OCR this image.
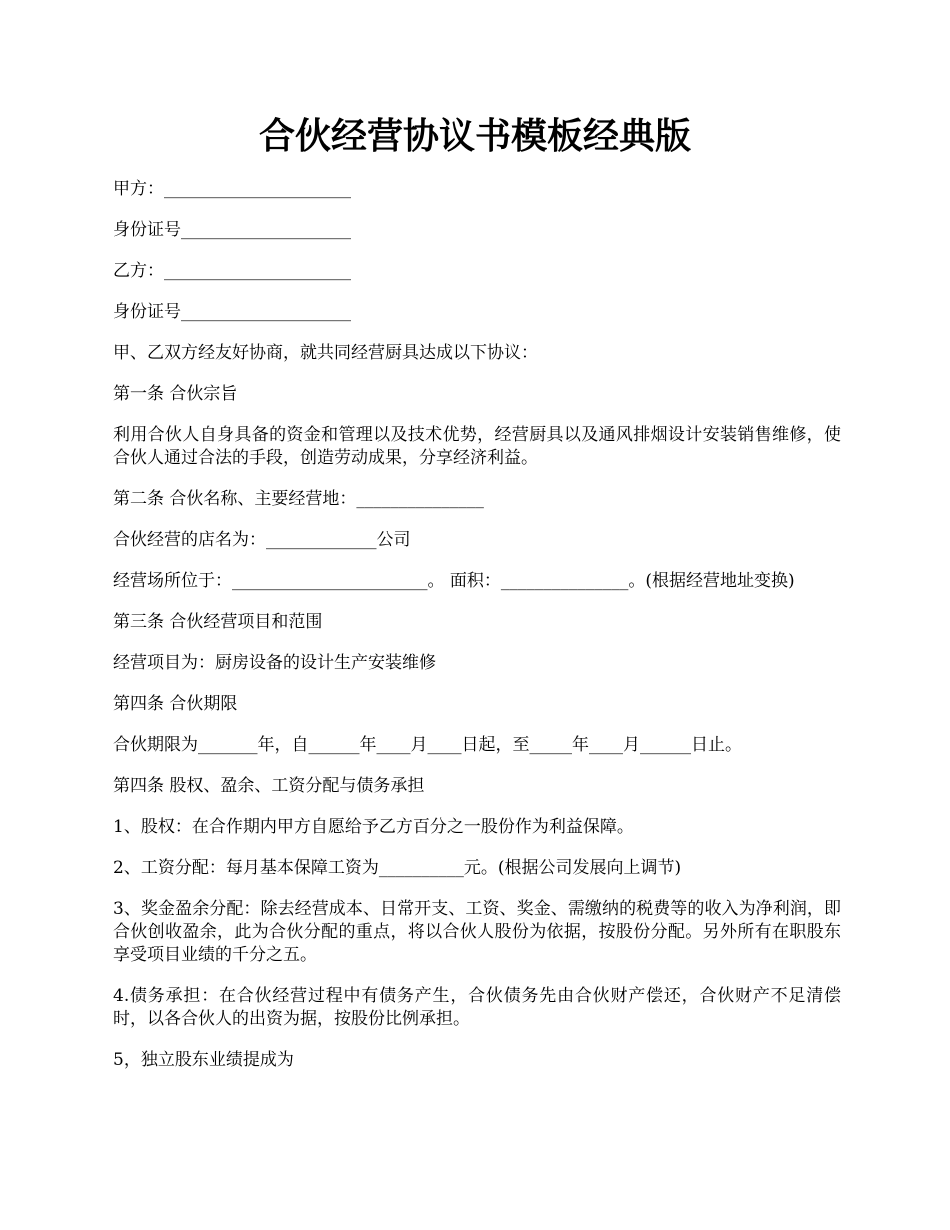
合伙经营协议书模板经典版

甲方：______________________

身份证号____________________

乙方：______________________

身份证号____________________

甲、乙双方经友好协商，就共同经营厨具达成以下协议：

第一条 合伙宗旨

利用合伙人自身具备的资金和管理以及技术优势，经营厨具以及通风排烟设计安装销售维修，使合伙人通过合法的手段，创造劳动成果，分享经济利益。

第二条 合伙名称、主要经营地：_______________

合伙经营的店名为：_____________公司

经营场所位于：_______________________。 面积：_______________。(根据经营地址变换)

第三条 合伙经营项目和范围

经营项目为：厨房设备的设计生产安装维修

第四条 合伙期限

合伙期限为_______年，自______年____月____日起，至_____年____月______日止。

第四条 股权、盈余、工资分配与债务承担

1、股权：在合作期内甲方自愿给予乙方百分之一股份作为利益保障。

2、工资分配：每月基本保障工资为__________元。(根据公司发展向上调节)

3、奖金盈余分配：除去经营成本、日常开支、工资、奖金、需缴纳的税费等的收入为净利润，即合伙创收盈余，此为合伙分配的重点，将以合伙人股份为依据，按股份分配。另外所有在职股东享受项目业绩的千分之五。

4.债务承担：在合伙经营过程中有债务产生，合伙债务先由合伙财产偿还，合伙财产不足清偿时，以各合伙人的出资为据，按股份比例承担。

5，独立股东业绩提成为
